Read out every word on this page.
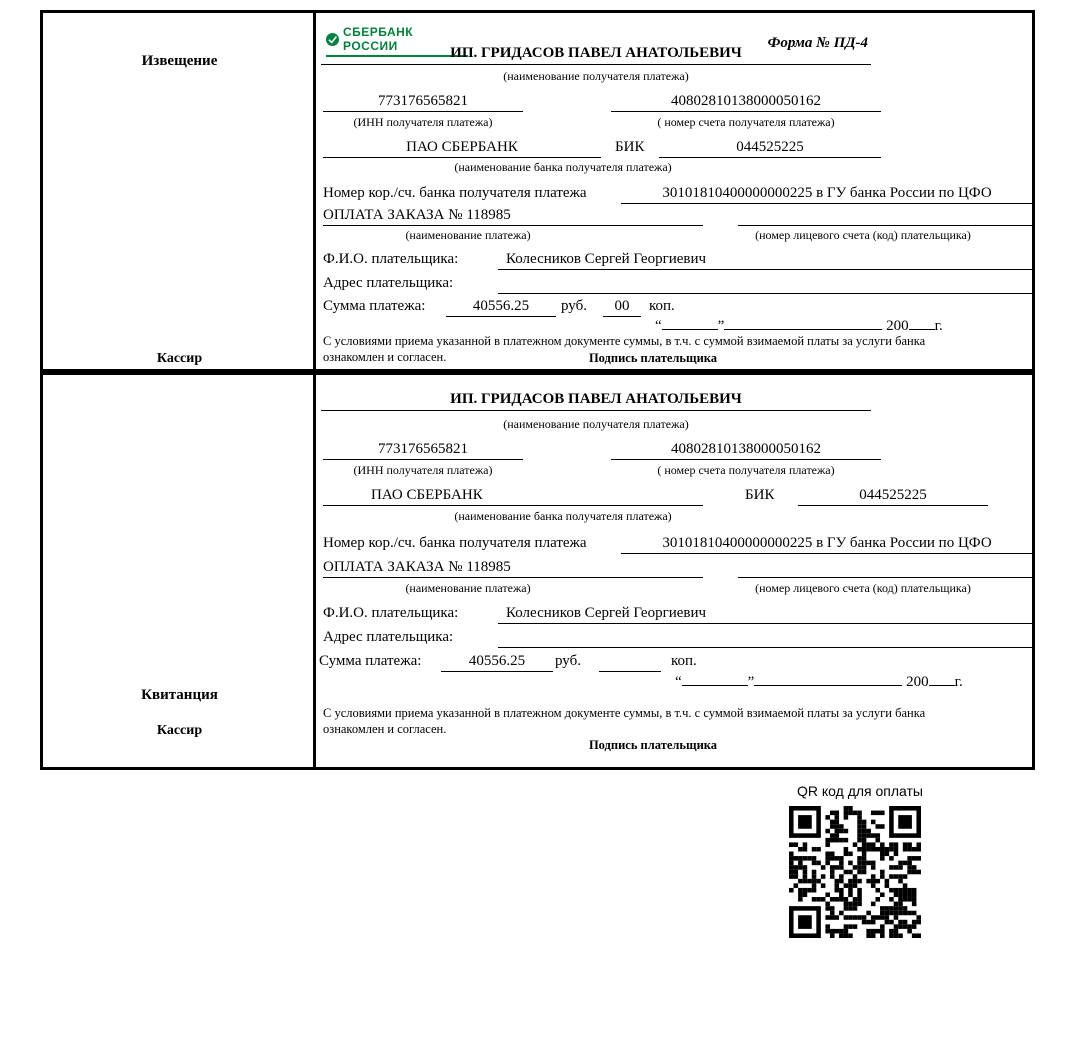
Извещение
Кассир
СБЕРБАНК РОССИИ	Форма № ПД-4
ИП. ГРИДАСОВ ПАВЕЛ АНАТОЛЬЕВИЧ
(наименование получателя платежа)
773176565821	40802810138000050162
(ИНН получателя платежа)	( номер счета получателя платежа)
ПАО СБЕРБАНК	БИК	044525225
(наименование банка получателя платежа)
Номер кор./сч. банка получателя платежа	30101810400000000225 в ГУ банка России по ЦФО
ОПЛАТА ЗАКАЗА № 118985
(наименование платежа)	(номер лицевого счета (код) плательщика)
Ф.И.О. плательщика:	Колесников Сергей Георгиевич
Адрес плательщика:
Сумма платежа:	40556.25	руб.	00	коп.
“	”	200 г.
С условиями приема указанной в платежном документе суммы, в т.ч. с суммой взимаемой платы за услуги банка ознакомлен и согласен.	Подпись плательщика
Квитанция
Кассир
ИП. ГРИДАСОВ ПАВЕЛ АНАТОЛЬЕВИЧ
(наименование получателя платежа)
773176565821	40802810138000050162
(ИНН получателя платежа)	( номер счета получателя платежа)
ПАО СБЕРБАНК	БИК	044525225
(наименование банка получателя платежа)
Номер кор./сч. банка получателя платежа	30101810400000000225 в ГУ банка России по ЦФО
ОПЛАТА ЗАКАЗА № 118985
(наименование платежа)	(номер лицевого счета (код) плательщика)
Ф.И.О. плательщика:	Колесников Сергей Георгиевич
Адрес плательщика:
Сумма платежа:	40556.25	руб.	коп.
“	”	200 г.
С условиями приема указанной в платежном документе суммы, в т.ч. с суммой взимаемой платы за услуги банка ознакомлен и согласен.
Подпись плательщика
QR код для оплаты
